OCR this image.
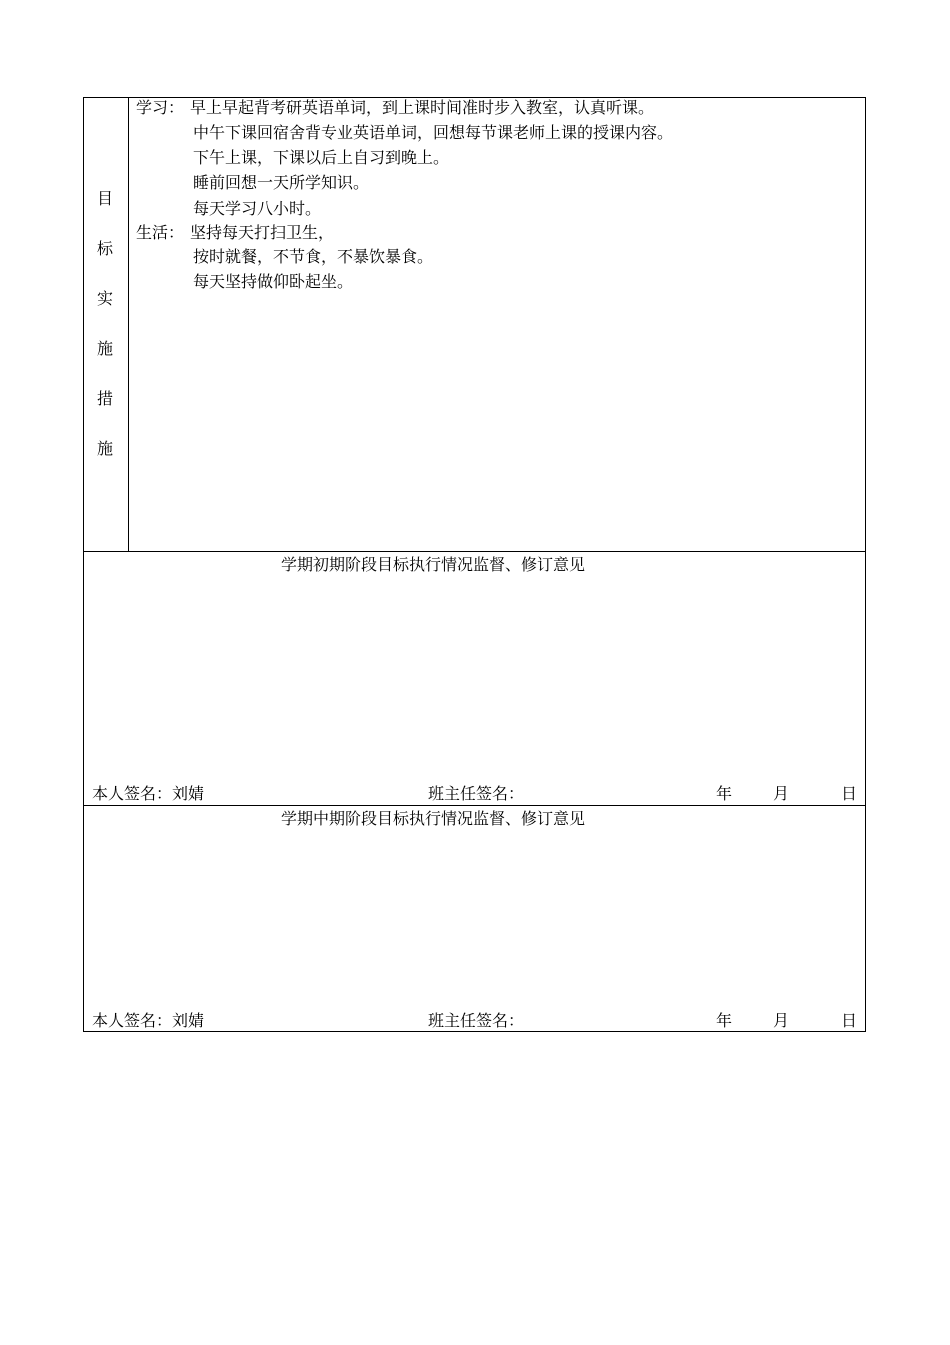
目
标
实
施
措
施
学习： 早上早起背考研英语单词，到上课时间准时步入教室，认真听课。
中午下课回宿舍背专业英语单词，回想每节课老师上课的授课内容。
下午上课，下课以后上自习到晚上。
睡前回想一天所学知识。
每天学习八小时。
生活： 坚持每天打扫卫生，
按时就餐，不节食，不暴饮暴食。
每天坚持做仰卧起坐。
学期初期阶段目标执行情况监督、修订意见
本人签名：刘婧	班主任签名：	年	月	日
学期中期阶段目标执行情况监督、修订意见
本人签名：刘婧	班主任签名：	年	月	日
